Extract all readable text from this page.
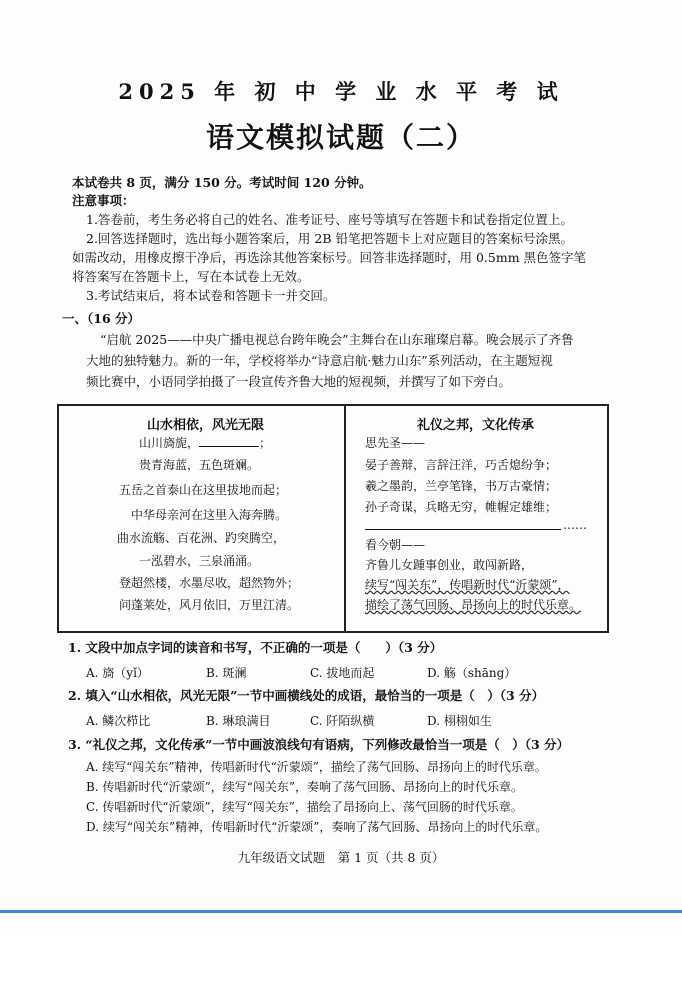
2025 年 初 中 学 业 水 平 考 试
语文模拟试题（二）
本试卷共 8 页，满分 150 分。考试时间 120 分钟。
注意事项：
1.答卷前，考生务必将自己的姓名、准考证号、座号等填写在答题卡和试卷指定位置上。
2.回答选择题时，选出每小题答案后，用 2B 铅笔把答题卡上对应题目的答案标号涂黑。
如需改动，用橡皮擦干净后，再选涂其他答案标号。回答非选择题时，用 0.5mm 黑色签字笔
将答案写在答题卡上，写在本试卷上无效。
3.考试结束后，将本试卷和答题卡一并交回。
一、（16 分）
“启航 2025——中央广播电视总台跨年晚会”主舞台在山东璀璨启幕。晚会展示了齐鲁
大地的独特魅力。新的一年，学校将举办“诗意启航·魅力山东”系列活动，在主题短视
频比赛中，小语同学拍摄了一段宣传齐鲁大地的短视频，并撰写了如下旁白。
山水相依，风光无限
山川旖旎，	；
贵青海蓝，五色斑斓。
五岳之首泰山在这里拔地而起；
中华母亲河在这里入海奔腾。
曲水流觞、百花洲、趵突腾空，
一泓碧水，三泉涌涌。
登超然楼，水墨尽收，超然物外；
问蓬莱处，风月依旧，万里江清。
礼仪之邦，文化传承
思先圣——
晏子善辩，言辞汪洋，巧舌熄纷争；
羲之墨韵，兰亭笔锋，书万古豪情；
孙子奇谋，兵略无穷，帷幄定雄维；
……
看今朝——
齐鲁儿女踵事创业，敢闯新路，
续写“闯关东”，传唱新时代“沂蒙颂”，
描绘了荡气回肠、昂扬向上的时代乐章。
1. 文段中加点字词的读音和书写，不正确的一项是（　　）（3 分）
A. 旖（yǐ）	B. 斑澜	C. 拔地而起	D. 觞（shāng）
2. 填入“山水相依，风光无限”一节中画横线处的成语，最恰当的一项是（　）（3 分）
A. 鳞次栉比	B. 琳琅满目	C. 阡陌纵横	D. 栩栩如生
3. “礼仪之邦，文化传承”一节中画波浪线句有语病，下列修改最恰当一项是（　）（3 分）
A. 续写“闯关东”精神，传唱新时代“沂蒙颂”，描绘了荡气回肠、昂扬向上的时代乐章。
B. 传唱新时代“沂蒙颂”，续写“闯关东”，奏响了荡气回肠、昂扬向上的时代乐章。
C. 传唱新时代“沂蒙颂”，续写“闯关东”，描绘了昂扬向上、荡气回肠的时代乐章。
D. 续写“闯关东”精神，传唱新时代“沂蒙颂”，奏响了荡气回肠、昂扬向上的时代乐章。
九年级语文试题　第 1 页（共 8 页）
